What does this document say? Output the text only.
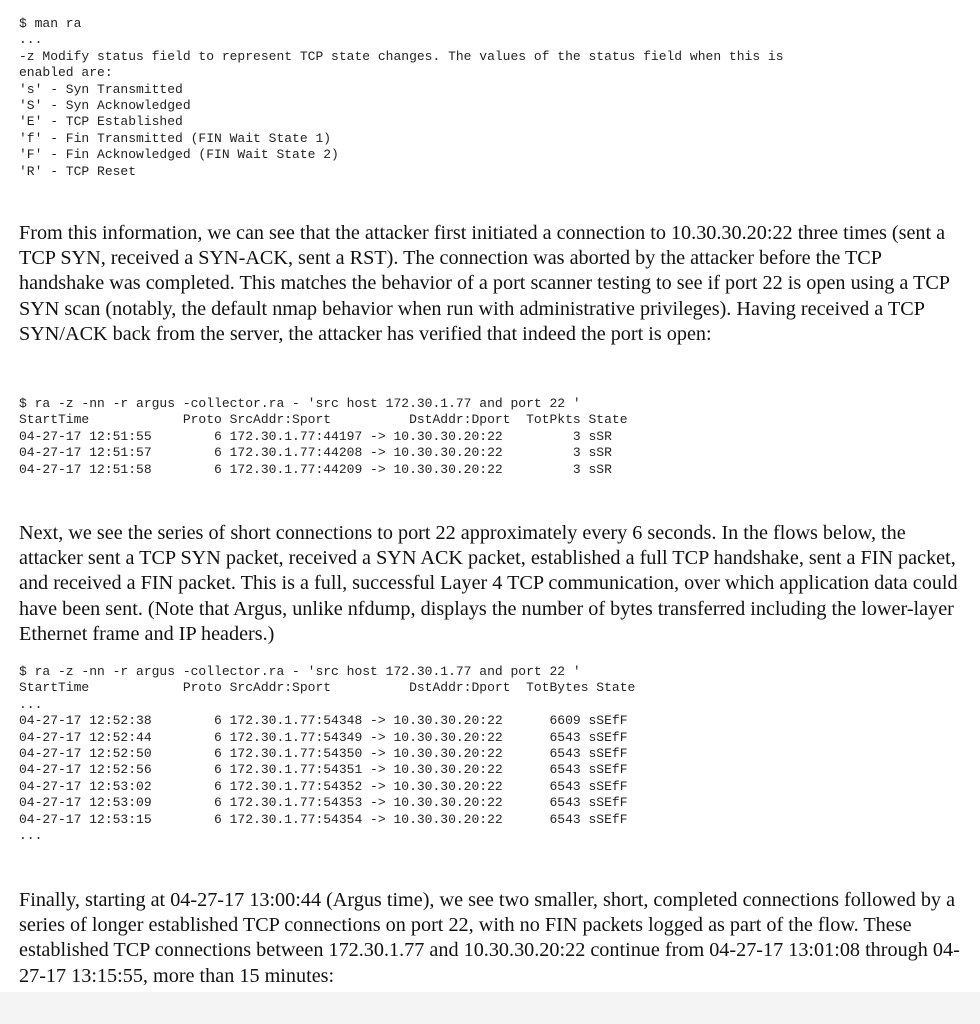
$ man ra
...
-z Modify status field to represent TCP state changes. The values of the status field when this is
enabled are:
's' - Syn Transmitted
'S' - Syn Acknowledged
'E' - TCP Established
'f' - Fin Transmitted (FIN Wait State 1)
'F' - Fin Acknowledged (FIN Wait State 2)
'R' - TCP Reset

From this information, we can see that the attacker first initiated a connection to 10.30.30.20:22 three times (sent a TCP SYN, received a SYN-ACK, sent a RST). The connection was aborted by the attacker before the TCP handshake was completed. This matches the behavior of a port scanner testing to see if port 22 is open using a TCP SYN scan (notably, the default nmap behavior when run with administrative privileges). Having received a TCP SYN/ACK back from the server, the attacker has verified that indeed the port is open:

$ ra -z -nn -r argus -collector.ra - 'src host 172.30.1.77 and port 22 '
StartTime            Proto SrcAddr:Sport          DstAddr:Dport  TotPkts State
04-27-17 12:51:55        6 172.30.1.77:44197 -> 10.30.30.20:22         3 sSR
04-27-17 12:51:57        6 172.30.1.77:44208 -> 10.30.30.20:22         3 sSR
04-27-17 12:51:58        6 172.30.1.77:44209 -> 10.30.30.20:22         3 sSR

Next, we see the series of short connections to port 22 approximately every 6 seconds. In the flows below, the attacker sent a TCP SYN packet, received a SYN ACK packet, established a full TCP handshake, sent a FIN packet, and received a FIN packet. This is a full, successful Layer 4 TCP communication, over which application data could have been sent. (Note that Argus, unlike nfdump, displays the number of bytes transferred including the lower-layer Ethernet frame and IP headers.)

$ ra -z -nn -r argus -collector.ra - 'src host 172.30.1.77 and port 22 '
StartTime            Proto SrcAddr:Sport          DstAddr:Dport  TotBytes State
...
04-27-17 12:52:38        6 172.30.1.77:54348 -> 10.30.30.20:22      6609 sSEfF
04-27-17 12:52:44        6 172.30.1.77:54349 -> 10.30.30.20:22      6543 sSEfF
04-27-17 12:52:50        6 172.30.1.77:54350 -> 10.30.30.20:22      6543 sSEfF
04-27-17 12:52:56        6 172.30.1.77:54351 -> 10.30.30.20:22      6543 sSEfF
04-27-17 12:53:02        6 172.30.1.77:54352 -> 10.30.30.20:22      6543 sSEfF
04-27-17 12:53:09        6 172.30.1.77:54353 -> 10.30.30.20:22      6543 sSEfF
04-27-17 12:53:15        6 172.30.1.77:54354 -> 10.30.30.20:22      6543 sSEfF
...

Finally, starting at 04-27-17 13:00:44 (Argus time), we see two smaller, short, completed connections followed by a series of longer established TCP connections on port 22, with no FIN packets logged as part of the flow. These established TCP connections between 172.30.1.77 and 10.30.30.20:22 continue from 04-27-17 13:01:08 through 04-27-17 13:15:55, more than 15 minutes:
